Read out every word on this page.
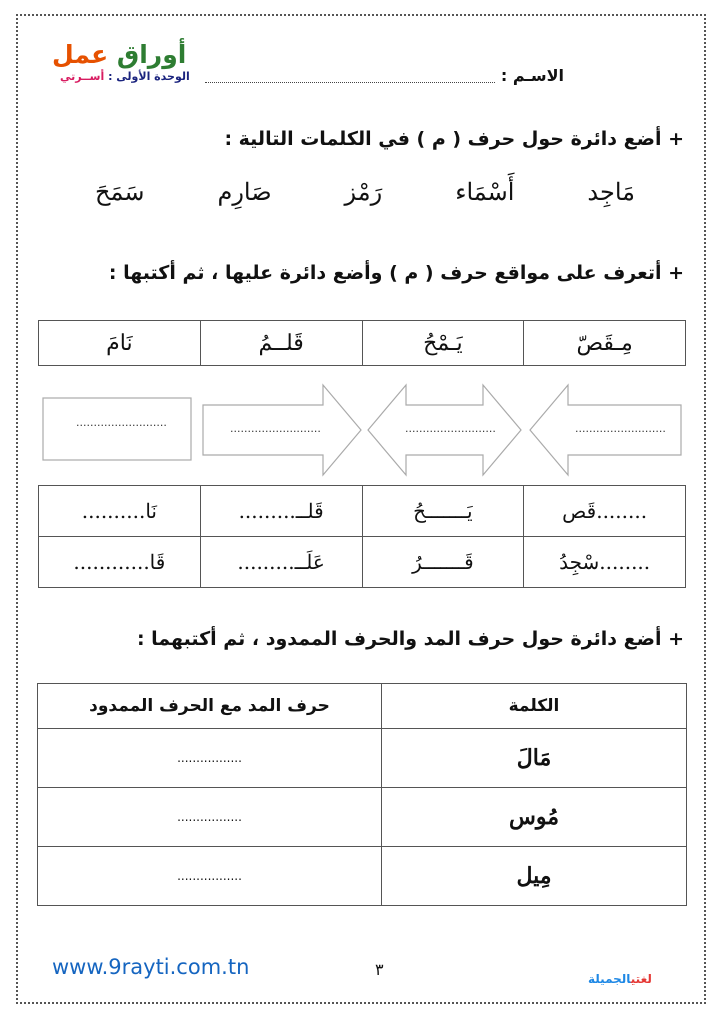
أوراق عمل
الوحدة الأولى : أســرتي	الاسـم :
+ أضع دائرة حول حرف ( م ) في الكلمات التالية :
مَاجِد
أَسْمَاء
رَمْز
صَارِم
سَمَحَ
+ أتعرف على مواقع حرف ( م ) وأضع دائرة عليها ، ثم أكتبها :
مِـقَصّ	يَـمْحُ	قَلــمُ	نَامَ
..........................	..........................	..........................	..........................
........قَص	يَـــــــحُ	قَلــ.........	نَا..........
........سْجِدُ	قَـــــــرُ	عَلَــ.........	قَا............
+ أضع دائرة حول حرف المد والحرف الممدود ، ثم أكتبهما :
الكلمة	حرف المد مع الحرف الممدود
مَالَ	.................
مُوس	.................
مِيل	.................
www.9rayti.com.tn	٣	لغتيالجميلة
